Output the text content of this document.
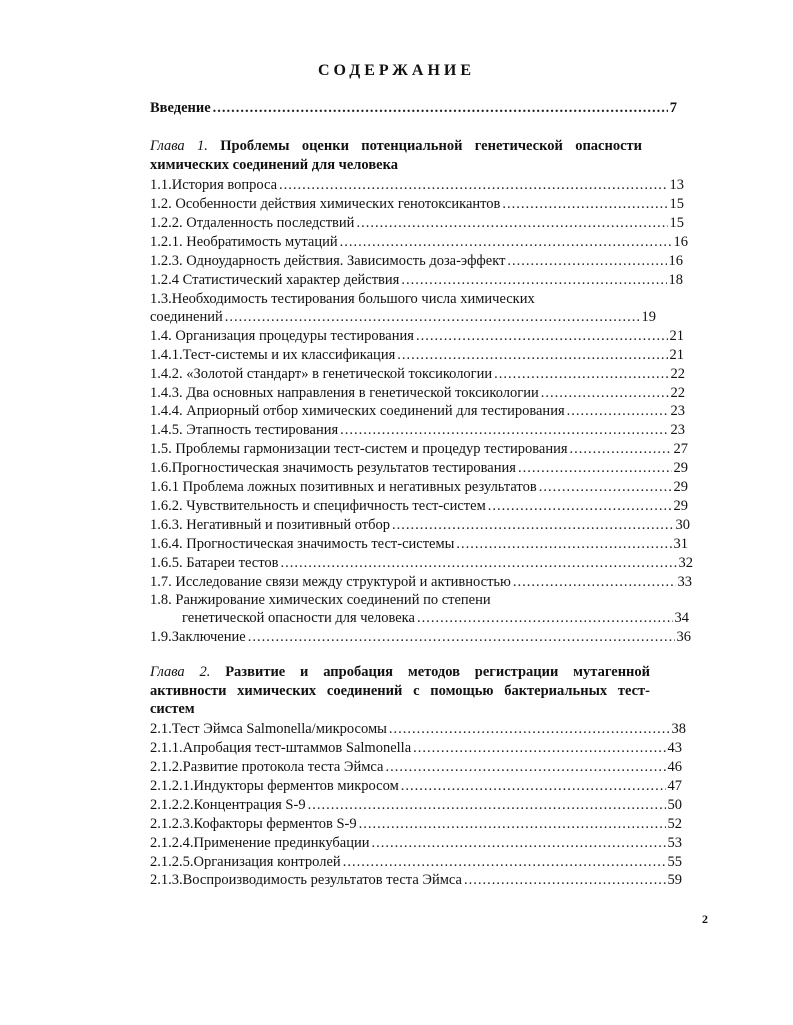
СОДЕРЖАНИЕ
Введение .....	7
Глава 1. Проблемы оценки потенциальной генетической опасности химических соединений для человека
1.1.История вопроса .....	13
1.2. Особенности действия химических генотоксикантов .....	15
1.2.2. Отдаленность последствий .....	15
1.2.1. Необратимость мутаций .....	16
1.2.3. Одноударность действия. Зависимость доза-эффект .....	16
1.2.4 Статистический характер действия .....	18
1.3.Необходимость тестирования большого числа химических
соединений .....	19
1.4. Организация процедуры тестирования .....	21
1.4.1.Тест-системы и их классификация .....	21
1.4.2. «Золотой стандарт» в генетической токсикологии .....	22
1.4.3. Два основных направления в генетической токсикологии .....	22
1.4.4. Априорный отбор химических соединений для тестирования .....	23
1.4.5. Этапность тестирования .....	23
1.5. Проблемы гармонизации тест-систем и процедур тестирования .....	27
1.6.Прогностическая значимость результатов тестирования .....	29
1.6.1 Проблема ложных позитивных и негативных результатов .....	29
1.6.2. Чувствительность и специфичность тест-систем .....	29
1.6.3. Негативный и позитивный отбор .....	30
1.6.4. Прогностическая значимость тест-системы .....	31
1.6.5. Батареи тестов .....	32
1.7. Исследование связи между структурой и активностью .....	33
1.8. Ранжирование химических соединений по степени
генетической опасности для человека .....	34
1.9.Заключение .....	36
Глава 2. Развитие и апробация методов регистрации мутагенной активности химических соединений с помощью бактериальных тест-систем
2.1.Тест Эймса Salmonella/микросомы .....	38
2.1.1.Апробация тест-штаммов Salmonella .....	43
2.1.2.Развитие протокола теста Эймса .....	46
2.1.2.1.Индукторы ферментов микросом .....	47
2.1.2.2.Концентрация S-9 .....	50
2.1.2.3.Кофакторы ферментов S-9 .....	52
2.1.2.4.Применение прединкубации .....	53
2.1.2.5.Организация контролей .....	55
2.1.3.Воспроизводимость результатов теста Эймса .....	59
2
